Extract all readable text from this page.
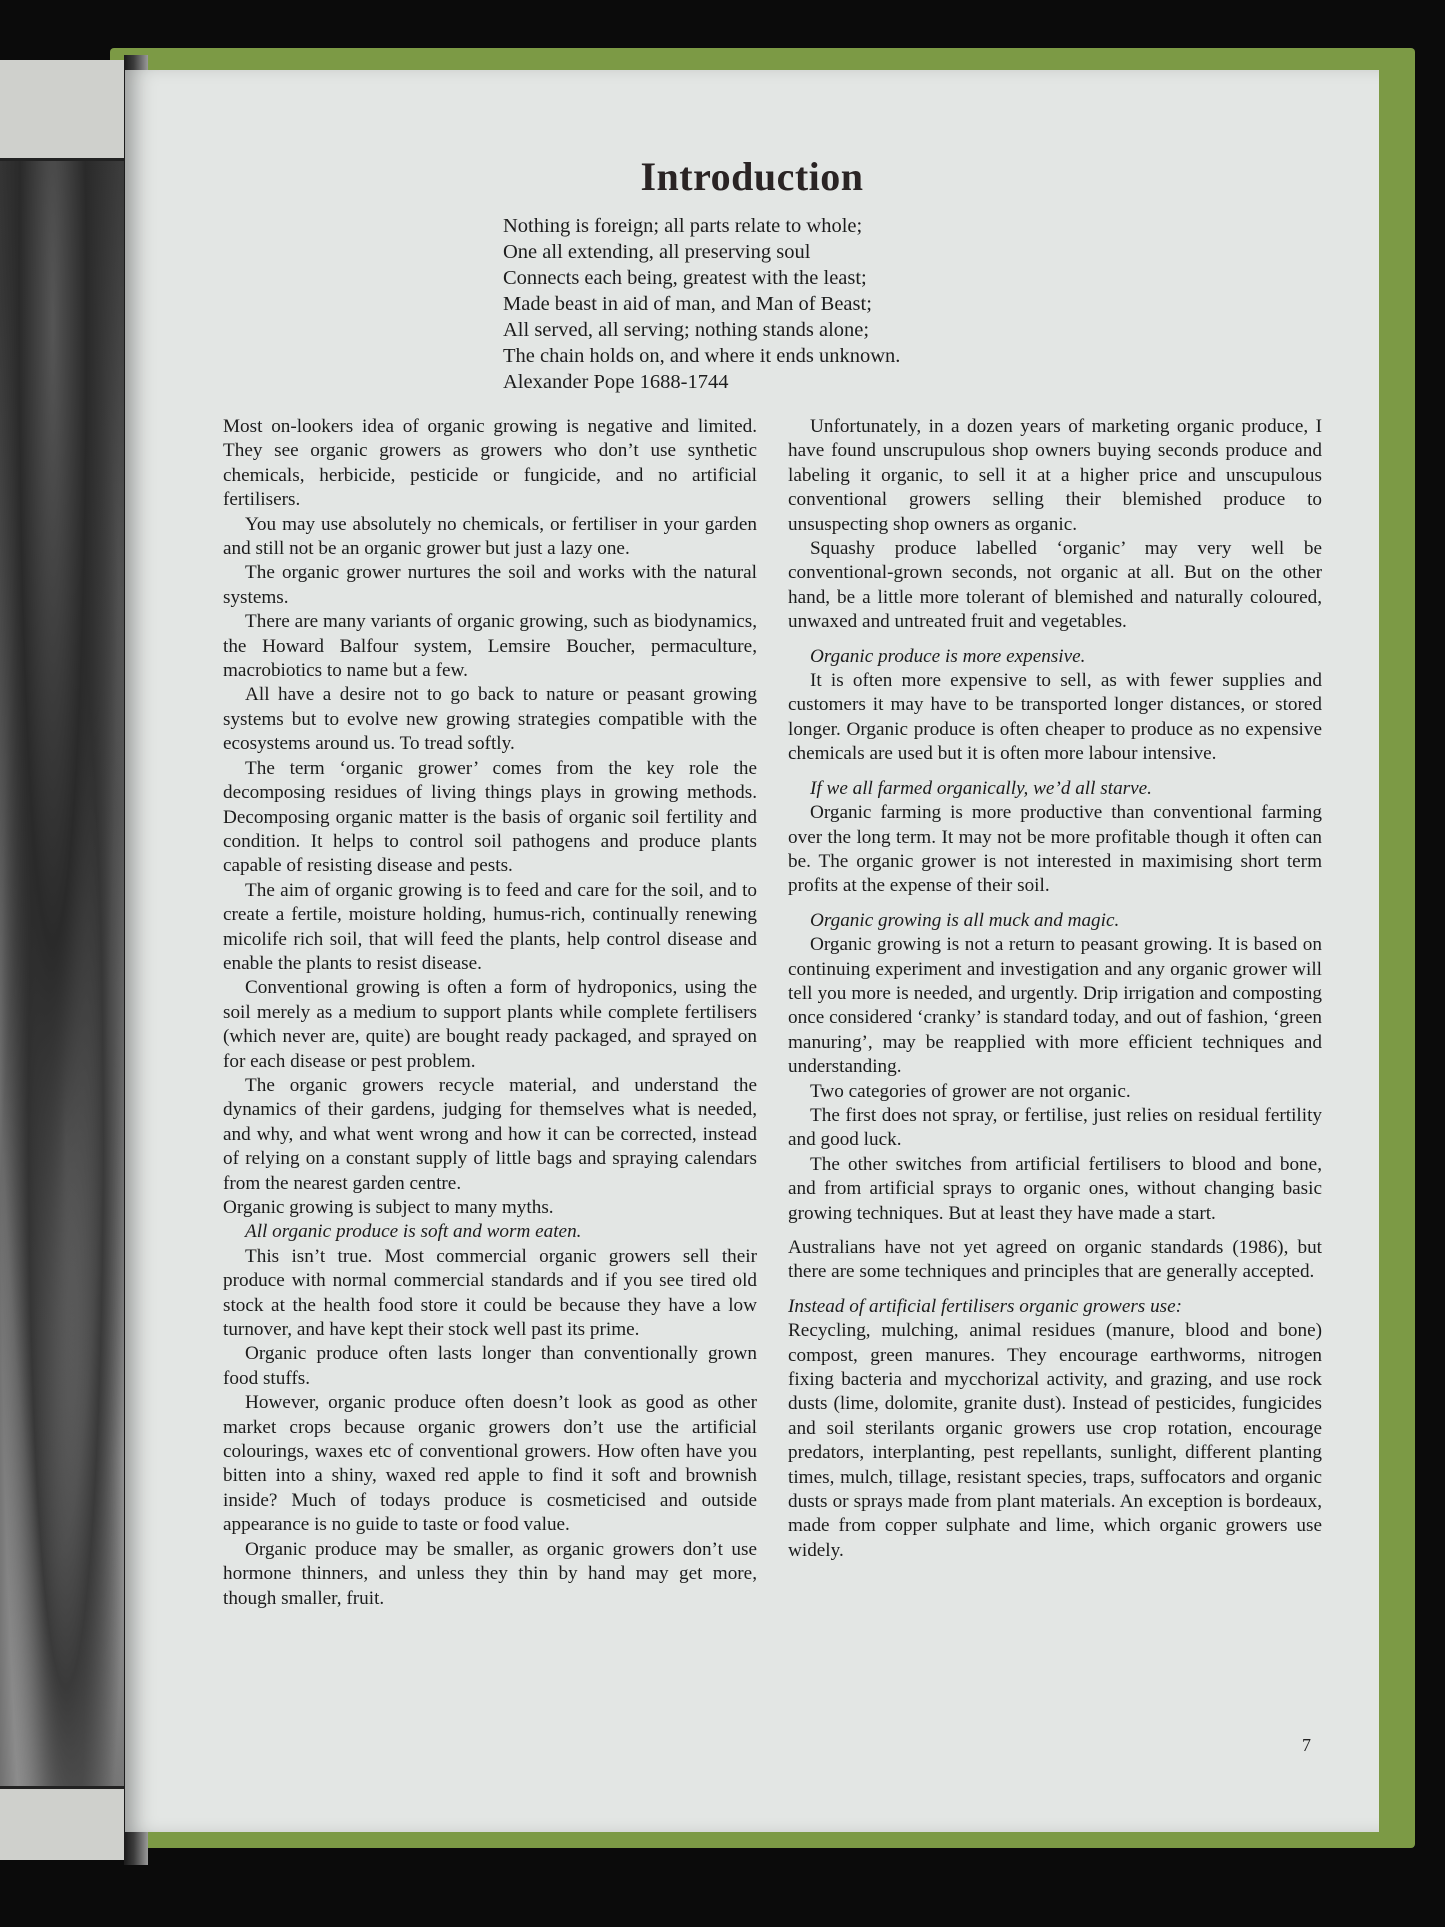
Introduction
Nothing is foreign; all parts relate to whole;
One all extending, all preserving soul
Connects each being, greatest with the least;
Made beast in aid of man, and Man of Beast;
All served, all serving; nothing stands alone;
The chain holds on, and where it ends unknown.
Alexander Pope 1688-1744

Most on-lookers idea of organic growing is negative and limited. They see organic growers as growers who don’t use synthetic chemicals, herbicide, pesticide or fungicide, and no artificial fertilisers.

You may use absolutely no chemicals, or fertiliser in your garden and still not be an organic grower but just a lazy one.

The organic grower nurtures the soil and works with the natural systems.

There are many variants of organic growing, such as biodynamics, the Howard Balfour system, Lemsire Boucher, permaculture, macrobiotics to name but a few.

All have a desire not to go back to nature or peasant growing systems but to evolve new growing strategies compatible with the ecosystems around us. To tread softly.

The term ‘organic grower’ comes from the key role the decomposing residues of living things plays in growing methods. Decomposing organic matter is the basis of organic soil fertility and condition. It helps to control soil pathogens and produce plants capable of resisting disease and pests.

The aim of organic growing is to feed and care for the soil, and to create a fertile, moisture holding, humus-rich, continually renewing micolife rich soil, that will feed the plants, help control disease and enable the plants to resist disease.

Conventional growing is often a form of hydroponics, using the soil merely as a medium to support plants while complete fertilisers (which never are, quite) are bought ready packaged, and sprayed on for each disease or pest problem.

The organic growers recycle material, and understand the dynamics of their gardens, judging for themselves what is needed, and why, and what went wrong and how it can be corrected, instead of relying on a constant supply of little bags and spraying calendars from the nearest garden centre.

Organic growing is subject to many myths.

All organic produce is soft and worm eaten.

This isn’t true. Most commercial organic growers sell their produce with normal commercial standards and if you see tired old stock at the health food store it could be because they have a low turnover, and have kept their stock well past its prime.

Organic produce often lasts longer than conventionally grown food stuffs.

However, organic produce often doesn’t look as good as other market crops because organic growers don’t use the artificial colourings, waxes etc of conventional growers. How often have you bitten into a shiny, waxed red apple to find it soft and brownish inside? Much of todays produce is cosmeticised and outside appearance is no guide to taste or food value.

Organic produce may be smaller, as organic growers don’t use hormone thinners, and unless they thin by hand may get more, though smaller, fruit.

Unfortunately, in a dozen years of marketing organic produce, I have found unscrupulous shop owners buying seconds produce and labeling it organic, to sell it at a higher price and unscupulous conventional growers selling their blemished produce to unsuspecting shop owners as organic.

Squashy produce labelled ‘organic’ may very well be conventional-grown seconds, not organic at all. But on the other hand, be a little more tolerant of blemished and naturally coloured, unwaxed and untreated fruit and vegetables.

Organic produce is more expensive.

It is often more expensive to sell, as with fewer supplies and customers it may have to be transported longer distances, or stored longer. Organic produce is often cheaper to produce as no expensive chemicals are used but it is often more labour intensive.

If we all farmed organically, we’d all starve.

Organic farming is more productive than conventional farming over the long term. It may not be more profitable though it often can be. The organic grower is not interested in maximising short term profits at the expense of their soil.

Organic growing is all muck and magic.

Organic growing is not a return to peasant growing. It is based on continuing experiment and investigation and any organic grower will tell you more is needed, and urgently. Drip irrigation and composting once considered ‘cranky’ is standard today, and out of fashion, ‘green manuring’, may be reapplied with more efficient techniques and understanding.

Two categories of grower are not organic.

The first does not spray, or fertilise, just relies on residual fertility and good luck.

The other switches from artificial fertilisers to blood and bone, and from artificial sprays to organic ones, without changing basic growing techniques. But at least they have made a start.

Australians have not yet agreed on organic standards (1986), but there are some techniques and principles that are generally accepted.

Instead of artificial fertilisers organic growers use:

Recycling, mulching, animal residues (manure, blood and bone) compost, green manures. They encourage earthworms, nitrogen fixing bacteria and mycchorizal activity, and grazing, and use rock dusts (lime, dolomite, granite dust). Instead of pesticides, fungicides and soil sterilants organic growers use crop rotation, encourage predators, interplanting, pest repellants, sunlight, different planting times, mulch, tillage, resistant species, traps, suffocators and organic dusts or sprays made from plant materials. An exception is bordeaux, made from copper sulphate and lime, which organic growers use widely.

7
